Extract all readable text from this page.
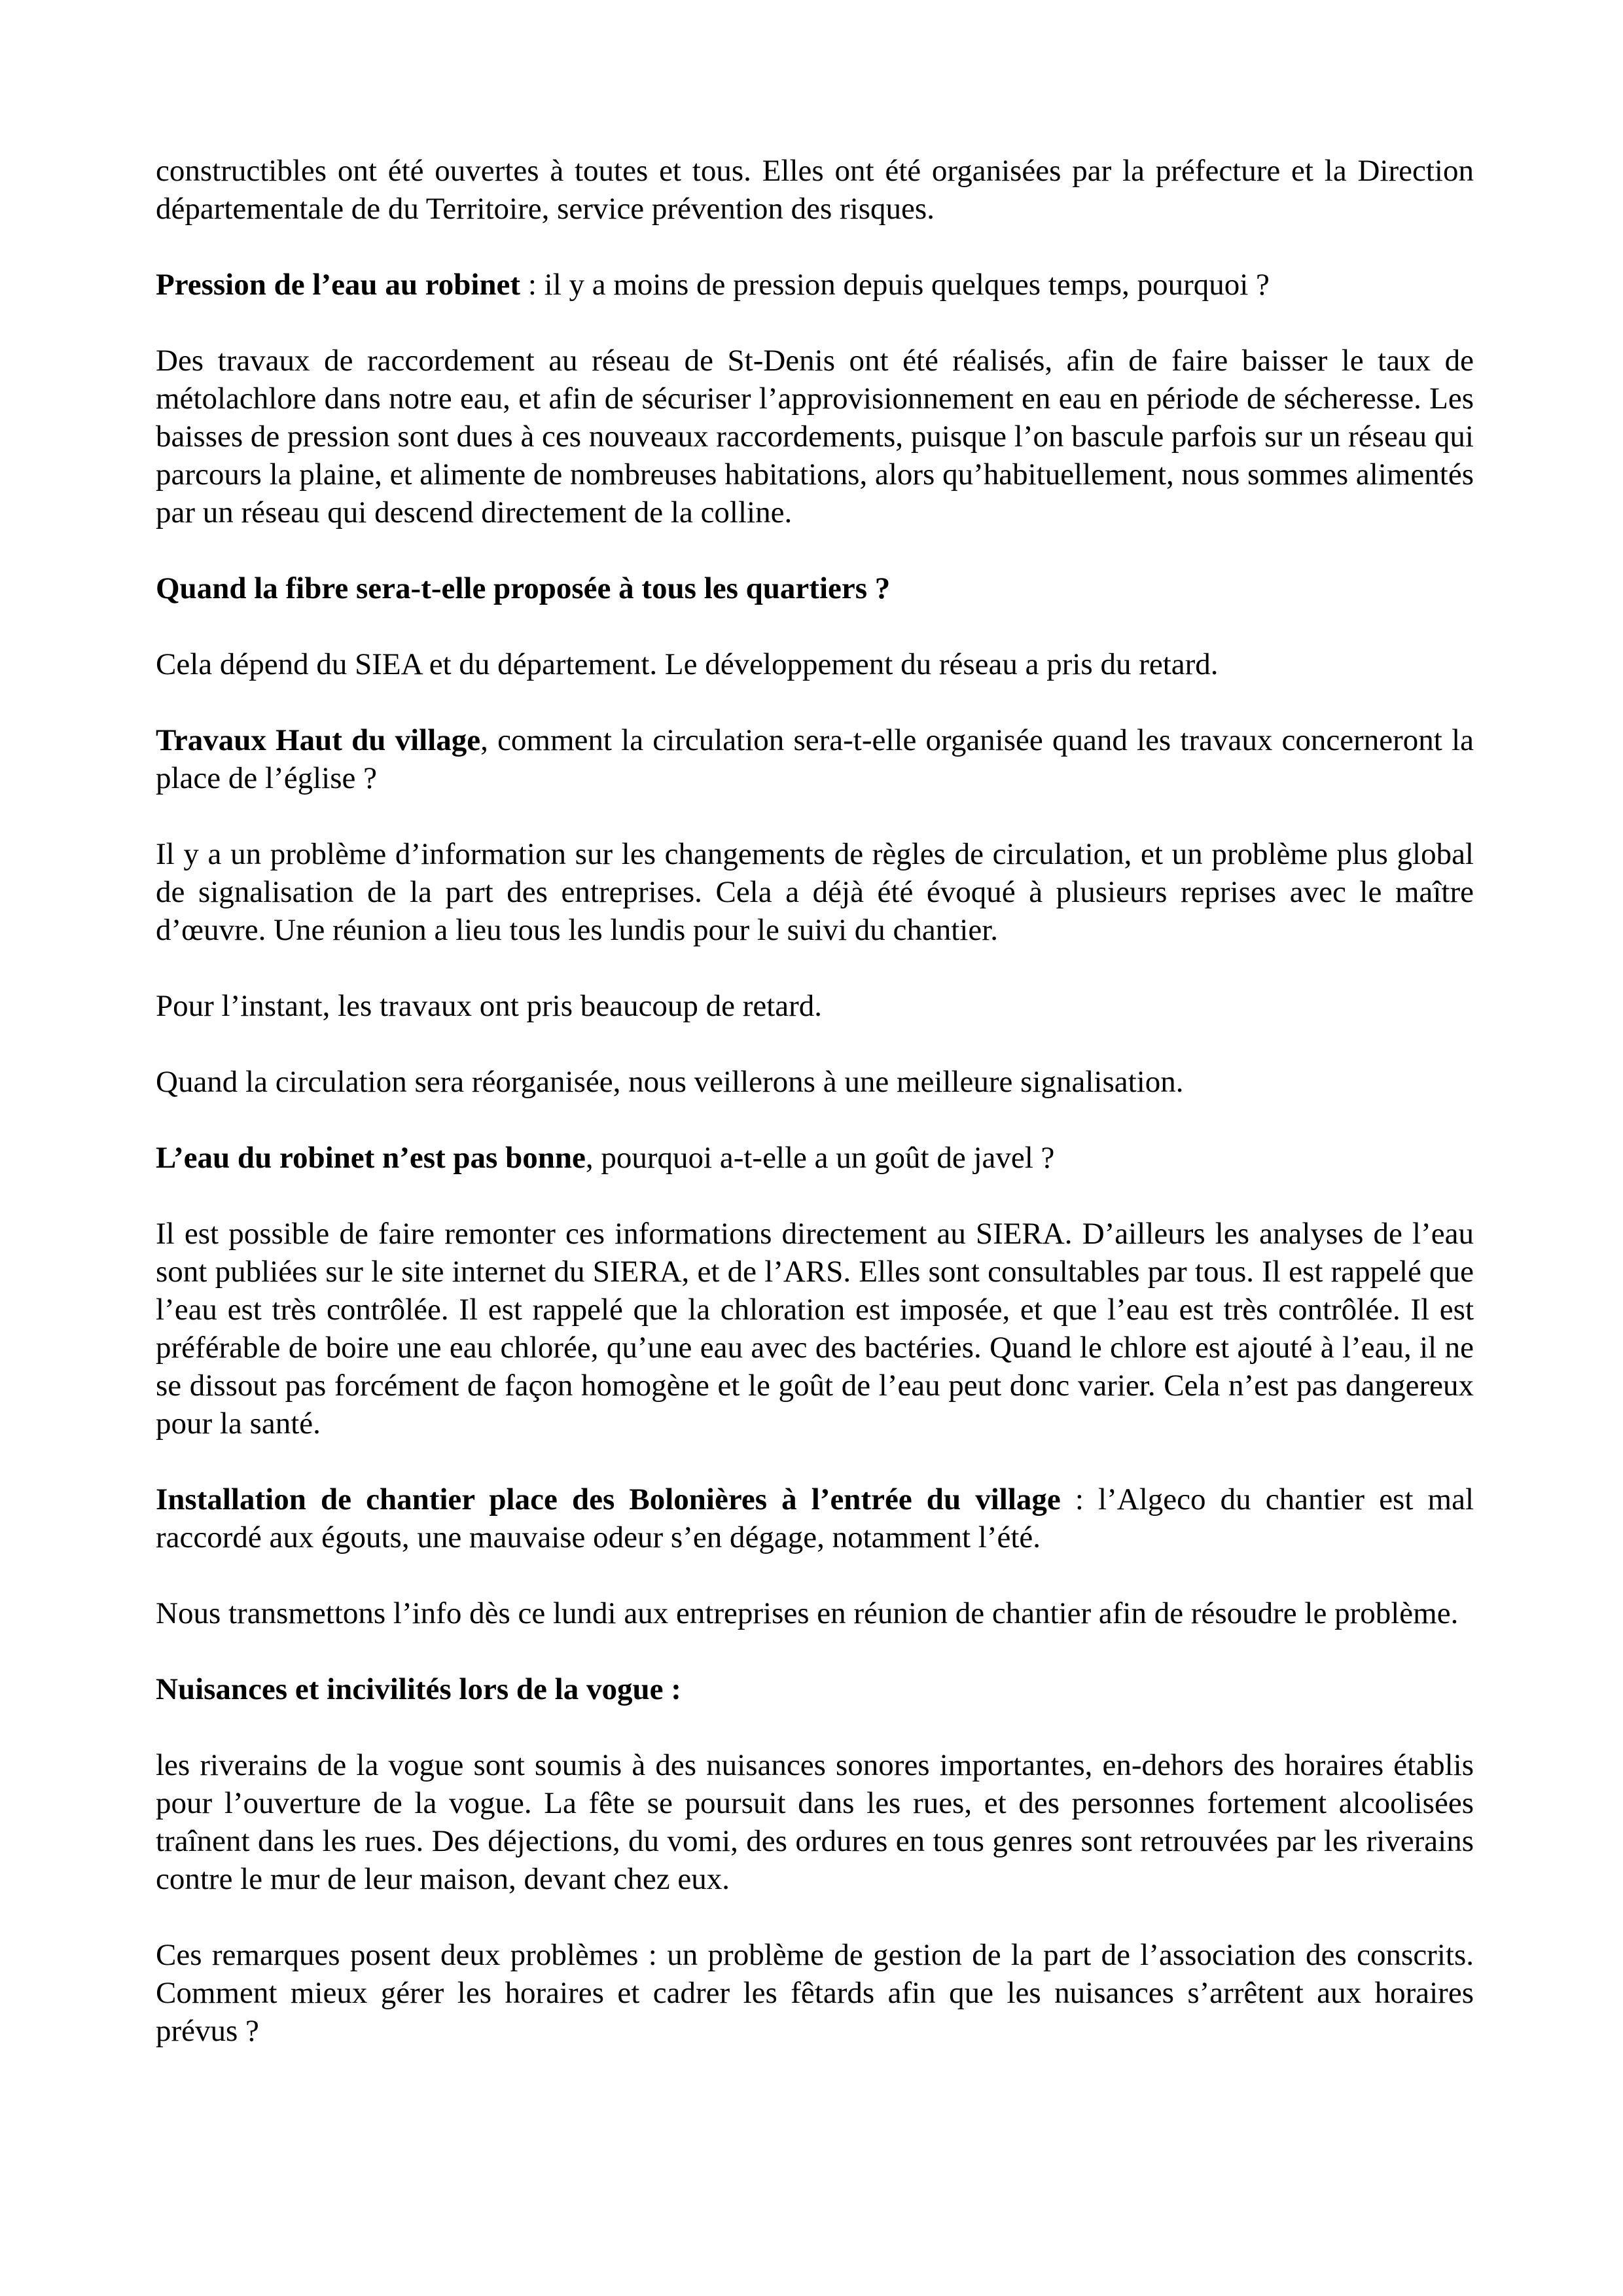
constructibles ont été ouvertes à toutes et tous. Elles ont été organisées par la préfecture et la Direction départementale de du Territoire, service prévention des risques.

Pression de l’eau au robinet : il y a moins de pression depuis quelques temps, pourquoi ?

Des travaux de raccordement au réseau de St-Denis ont été réalisés, afin de faire baisser le taux de métolachlore dans notre eau, et afin de sécuriser l’approvisionnement en eau en période de sécheresse. Les baisses de pression sont dues à ces nouveaux raccordements, puisque l’on bascule parfois sur un réseau qui parcours la plaine, et alimente de nombreuses habitations, alors qu’habituellement, nous sommes alimentés par un réseau qui descend directement de la colline.

Quand la fibre sera-t-elle proposée à tous les quartiers ?

Cela dépend du SIEA et du département. Le développement du réseau a pris du retard.

Travaux Haut du village, comment la circulation sera-t-elle organisée quand les travaux concerneront la place de l’église ?

Il y a un problème d’information sur les changements de règles de circulation, et un problème plus global de signalisation de la part des entreprises. Cela a déjà été évoqué à plusieurs reprises avec le maître d’œuvre. Une réunion a lieu tous les lundis pour le suivi du chantier.

Pour l’instant, les travaux ont pris beaucoup de retard.

Quand la circulation sera réorganisée, nous veillerons à une meilleure signalisation.

L’eau du robinet n’est pas bonne, pourquoi a-t-elle a un goût de javel ?

Il est possible de faire remonter ces informations directement au SIERA. D’ailleurs les analyses de l’eau sont publiées sur le site internet du SIERA, et de l’ARS. Elles sont consultables par tous. Il est rappelé que l’eau est très contrôlée. Il est rappelé que la chloration est imposée, et que l’eau est très contrôlée. Il est préférable de boire une eau chlorée, qu’une eau avec des bactéries. Quand le chlore est ajouté à l’eau, il ne se dissout pas forcément de façon homogène et le goût de l’eau peut donc varier. Cela n’est pas dangereux pour la santé.

Installation de chantier place des Bolonières à l’entrée du village : l’Algeco du chantier est mal raccordé aux égouts, une mauvaise odeur s’en dégage, notamment l’été.

Nous transmettons l’info dès ce lundi aux entreprises en réunion de chantier afin de résoudre le problème.

Nuisances et incivilités lors de la vogue :

les riverains de la vogue sont soumis à des nuisances sonores importantes, en-dehors des horaires établis pour l’ouverture de la vogue. La fête se poursuit dans les rues, et des personnes fortement alcoolisées traînent dans les rues. Des déjections, du vomi, des ordures en tous genres sont retrouvées par les riverains contre le mur de leur maison, devant chez eux.

Ces remarques posent deux problèmes : un problème de gestion de la part de l’association des conscrits. Comment mieux gérer les horaires et cadrer les fêtards afin que les nuisances s’arrêtent aux horaires prévus ?
